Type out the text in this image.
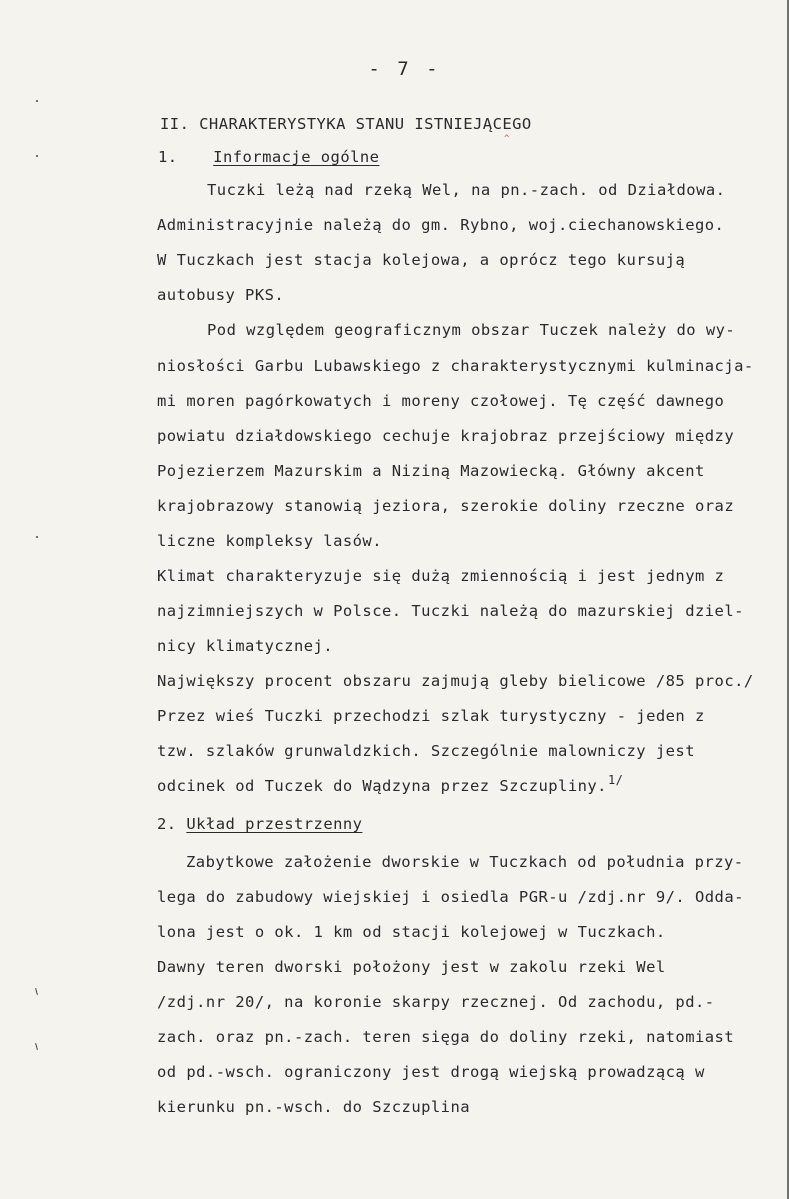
^
- 7 -
II. CHARAKTERYSTYKA STANU ISTNIEJĄCEGO
1. Informacje ogólne
Tuczki leżą nad rzeką Wel, na pn.-zach. od Działdowa.
Administracyjnie należą do gm. Rybno, woj.ciechanowskiego.
W Tuczkach jest stacja kolejowa, a oprócz tego kursują
autobusy PKS.
Pod względem geograficznym obszar Tuczek należy do wy-
niosłości Garbu Lubawskiego z charakterystycznymi kulminacja-
mi moren pagórkowatych i moreny czołowej. Tę część dawnego
powiatu działdowskiego cechuje krajobraz przejściowy między
Pojezierzem Mazurskim a Niziną Mazowiecką. Główny akcent
krajobrazowy stanowią jeziora, szerokie doliny rzeczne oraz
liczne kompleksy lasów.
Klimat charakteryzuje się dużą zmiennością i jest jednym z
najzimniejszych w Polsce. Tuczki należą do mazurskiej dziel-
nicy klimatycznej.
Największy procent obszaru zajmują gleby bielicowe /85 proc./
Przez wieś Tuczki przechodzi szlak turystyczny - jeden z
tzw. szlaków grunwaldzkich. Szczególnie malowniczy jest
odcinek od Tuczek do Wądzyna przez Szczupliny.$^{1/}$
2. Układ przestrzenny
Zabytkowe założenie dworskie w Tuczkach od południa przy-
lega do zabudowy wiejskiej i osiedla PGR-u /zdj.nr 9/. Odda-
lona jest o ok. 1 km od stacji kolejowej w Tuczkach.
Dawny teren dworski położony jest w zakolu rzeki Wel
/zdj.nr 20/, na koronie skarpy rzecznej. Od zachodu, pd.-
zach. oraz pn.-zach. teren sięga do doliny rzeki, natomiast
od pd.-wsch. ograniczony jest drogą wiejską prowadzącą w
kierunku pn.-wsch. do Szczuplina
